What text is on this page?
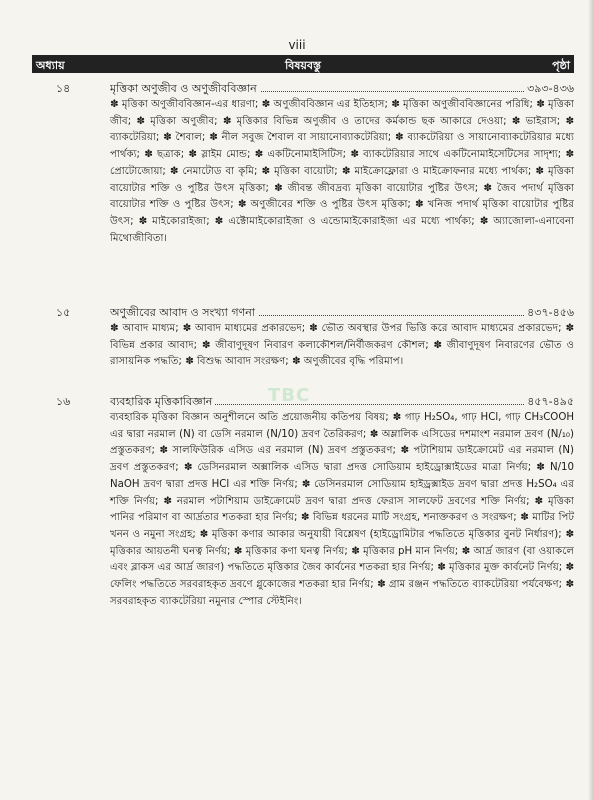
viii
অধ্যায়	বিষয়বস্তু	পৃষ্ঠা
১৪	মৃত্তিকা অণুজীব ও অণুজীববিজ্ঞান	৩৯৩-৪৩৬
✽ মৃত্তিকা অণুজীববিজ্ঞান-এর ধারণা; ✽ অণুজীববিজ্ঞান এর ইতিহাস; ✽ মৃত্তিকা অণুজীববিজ্ঞানের পরিধি; ✽ মৃত্তিকা জীব; ✽ মৃত্তিকা অণুজীব; ✽ মৃত্তিকার বিভিন্ন অণুজীব ও তাদের কর্মকান্ড ছক আকারে দেওয়া; ✽ ভাইরাস; ✽ ব্যাকটেরিয়া; ✽ শৈবাল; ✽ নীল সবুজ শৈবাল বা সায়ানোব্যাকটেরিয়া; ✽ ব্যাকটেরিয়া ও সায়ানোব্যাকটেরিয়ার মধ্যে পার্থক্য; ✽ ছত্রাক; ✽ স্লাইম মোন্ড; ✽ একটিনোমাইসিটিস; ✽ ব্যাকটেরিয়ার সাথে একটিনোমাইসেটিসের সাদৃশ্য; ✽ প্রোটোজোয়া; ✽ নেমাটোড বা কৃমি; ✽ মৃত্তিকা বায়োটা; ✽ মাইক্রোফ্লোরা ও মাইক্রোফনার মধ্যে পার্থক্য; ✽ মৃত্তিকা বায়োটার শক্তি ও পুষ্টির উৎস মৃত্তিকা; ✽ জীবন্ত জীবদ্রব্য মৃত্তিকা বায়োটার পুষ্টির উৎস; ✽ জৈব পদার্থ মৃত্তিকা বায়োটার শক্তি ও পুষ্টির উৎস; ✽ অণুজীবের শক্তি ও পুষ্টির উৎস মৃত্তিকা; ✽ খনিজ পদার্থ মৃত্তিকা বায়োটার পুষ্টির উৎস; ✽ মাইকোরাইজা; ✽ এক্টোমাইকোরাইজা ও এন্ডোমাইকোরাইজা এর মধ্যে পার্থক্য; ✽ অ্যাজোলা-এনাবেনা মিথোজীবিতা।
১৫	অণুজীবের আবাদ ও সংখ্যা গণনা	৪৩৭-৪৫৬
✽ আবাদ মাধ্যম; ✽ আবাদ মাধ্যমের প্রকারভেদ; ✽ ভৌত অবস্থার উপর ভিত্তি করে আবাদ মাধ্যমের প্রকারভেদ; ✽ বিভিন্ন প্রকার আবাদ; ✽ জীবাণুদূষণ নিবারণ কলাকৌশল/নির্বীজকরণ কৌশল; ✽ জীবাণুদূষণ নিবারণের ভৌত ও রাসায়নিক পদ্ধতি; ✽ বিশুদ্ধ আবাদ সংরক্ষণ; ✽ অণুজীবের বৃদ্ধি পরিমাপ।
১৬	ব্যবহারিক মৃত্তিকাবিজ্ঞান	৪৫৭-৪৯৫
ব্যবহারিক মৃত্তিকা বিজ্ঞান অনুশীলনে অতি প্রয়োজনীয় কতিপয় বিষয়; ✽ গাঢ় H₂SO₄, গাঢ় HCl, গাঢ় CH₃COOH এর দ্বারা নরমাল (N) বা ডেসি নরমাল (N/10) দ্রবণ তৈরিকরণ; ✽ অম্লালিক এসিডের দশমাংশ নরমাল দ্রবণ (N/₁₀) প্রস্তুতকরণ; ✽ সালফিউরিক এসিড এর নরমাল (N) দ্রবণ প্রস্তুতকরণ; ✽ পটাশিয়াম ডাইক্রোমেট এর নরমাল (N) দ্রবণ প্রস্তুতকরণ; ✽ ডেসিনরমাল অক্সালিক এসিড দ্বারা প্রদত্ত সোডিয়াম হাইড্রোক্সাইডের মাত্রা নির্ণয়; ✽ N/10 NaOH দ্রবণ দ্বারা প্রদত্ত HCl এর শক্তি নির্ণয়; ✽ ডেসিনরমাল সোডিয়াম হাইড্রক্সাইড দ্রবণ দ্বারা প্রদত্ত H₂SO₄ এর শক্তি নির্ণয়; ✽ নরমাল পটাশিয়াম ডাইক্রোমেট দ্রবণ দ্বারা প্রদত্ত ফেরাস সালফেট দ্রবণের শক্তি নির্ণয়; ✽ মৃত্তিকা পানির পরিমাণ বা আর্দ্রতার শতকরা হার নির্ণয়; ✽ বিভিন্ন ধরনের মাটি সংগ্রহ, শনাক্তকরণ ও সংরক্ষণ; ✽ মাটির পিট খনন ও নমুনা সংগ্রহ; ✽ মৃত্তিকা কণার আকার অনুযায়ী বিশ্লেষণ (হাইড্রোমিটার পদ্ধতিতে মৃত্তিকার বুনট নির্ধারণ); ✽ মৃত্তিকার আয়তনী ঘনত্ব নির্ণয়; ✽ মৃত্তিকার কণা ঘনত্ব নির্ণয়; ✽ মৃত্তিকার pH মান নির্ণয়; ✽ আর্দ্র জারণ (বা ওয়াকলে এবং ব্লাকস এর আর্দ্র জারণ) পদ্ধতিতে মৃত্তিকার জৈব কার্বনের শতকরা হার নির্ণয়; ✽ মৃত্তিকার মুক্ত কার্বনেট নির্ণয়; ✽ ফেলিং পদ্ধতিতে সরবরাহকৃত দ্রবণে গ্লুকোজের শতকরা হার নির্ণয়; ✽ গ্রাম রঞ্জন পদ্ধতিতে ব্যাকটেরিয়া পর্যবেক্ষণ; ✽ সরবরাহকৃত ব্যাকটেরিয়া নমুনার স্পোর স্টেইনিং।
TBC
